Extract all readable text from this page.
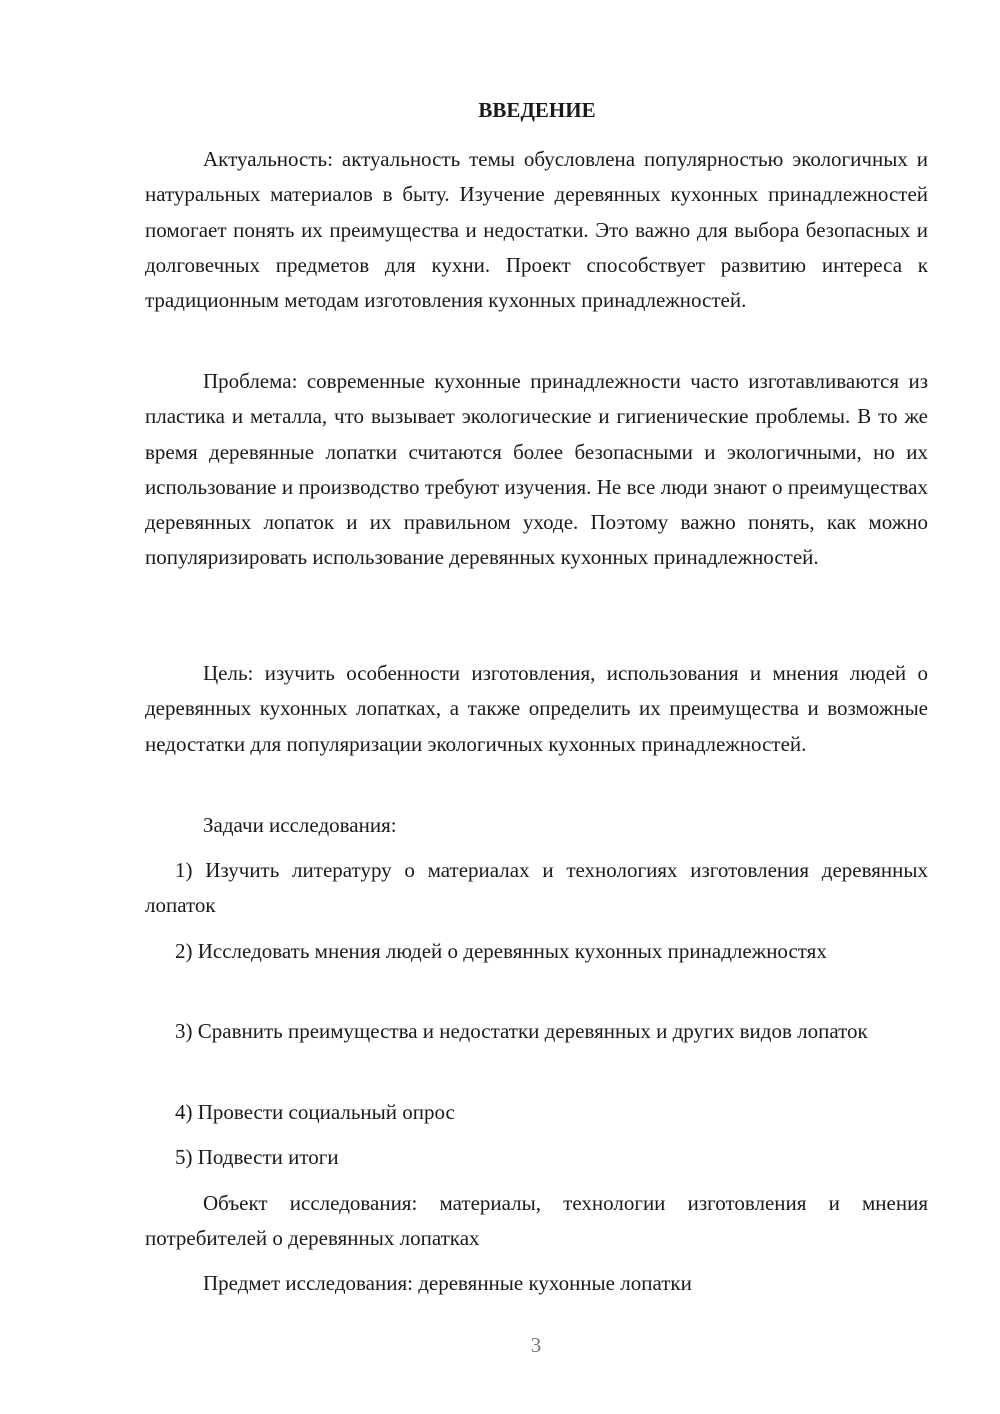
ВВЕДЕНИЕ

Актуальность: актуальность темы обусловлена популярностью экологичных и натуральных материалов в быту. Изучение деревянных кухонных принадлежностей помогает понять их преимущества и недостатки. Это важно для выбора безопасных и долговечных предметов для кухни. Проект способствует развитию интереса к традиционным методам изготовления кухонных принадлежностей.

Проблема: современные кухонные принадлежности часто изготавливаются из пластика и металла, что вызывает экологические и гигиенические проблемы. В то же время деревянные лопатки считаются более безопасными и экологичными, но их использование и производство требуют изучения. Не все люди знают о преимуществах деревянных лопаток и их правильном уходе. Поэтому важно понять, как можно популяризировать использование деревянных кухонных принадлежностей.

Цель: изучить особенности изготовления, использования и мнения людей о деревянных кухонных лопатках, а также определить их преимущества и возможные недостатки для популяризации экологичных кухонных принадлежностей.

Задачи исследования:

1) Изучить литературу о материалах и технологиях изготовления деревянных лопаток

2) Исследовать мнения людей о деревянных кухонных принадлежностях

3) Сравнить преимущества и недостатки деревянных и других видов лопаток

4) Провести социальный опрос

5) Подвести итоги

Объект исследования: материалы, технологии изготовления и мнения потребителей о деревянных лопатках

Предмет исследования: деревянные кухонные лопатки

3
